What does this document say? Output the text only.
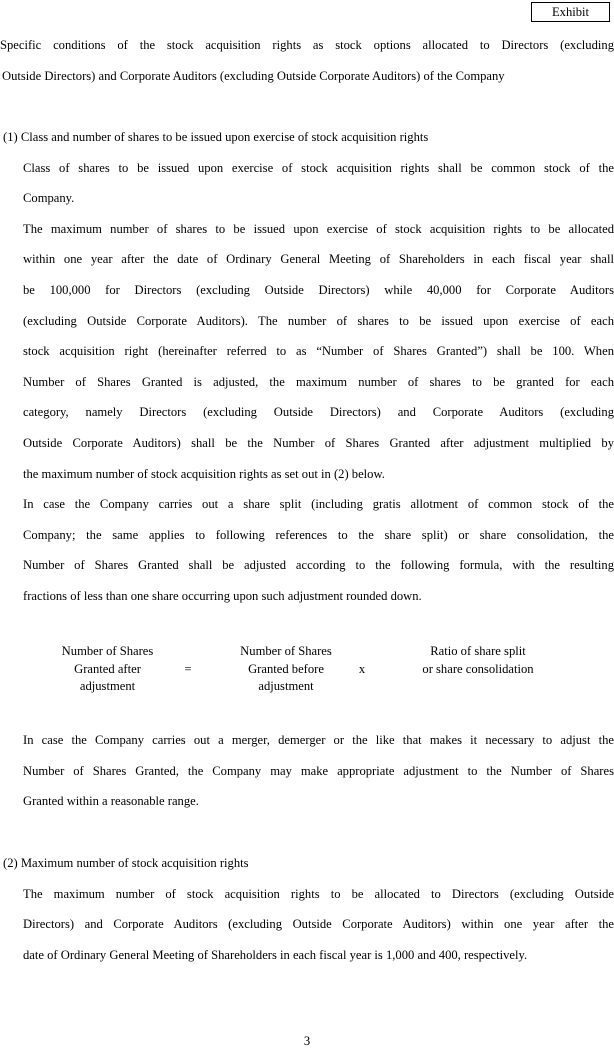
Exhibit
Specific conditions of the stock acquisition rights as stock options allocated to Directors (excluding
Outside Directors) and Corporate Auditors (excluding Outside Corporate Auditors) of the Company
(1) Class and number of shares to be issued upon exercise of stock acquisition rights
Class of shares to be issued upon exercise of stock acquisition rights shall be common stock of the
Company.
The maximum number of shares to be issued upon exercise of stock acquisition rights to be allocated
within one year after the date of Ordinary General Meeting of Shareholders in each fiscal year shall
be 100,000 for Directors (excluding Outside Directors) while 40,000 for Corporate Auditors
(excluding Outside Corporate Auditors). The number of shares to be issued upon exercise of each
stock acquisition right (hereinafter referred to as “Number of Shares Granted”) shall be 100. When
Number of Shares Granted is adjusted, the maximum number of shares to be granted for each
category, namely Directors (excluding Outside Directors) and Corporate Auditors (excluding
Outside Corporate Auditors) shall be the Number of Shares Granted after adjustment multiplied by
the maximum number of stock acquisition rights as set out in (2) below.
In case the Company carries out a share split (including gratis allotment of common stock of the
Company; the same applies to following references to the share split) or share consolidation, the
Number of Shares Granted shall be adjusted according to the following formula, with the resulting
fractions of less than one share occurring upon such adjustment rounded down.
Number of Shares
Granted after
adjustment
=
Number of Shares
Granted before
adjustment
x
Ratio of share split
or share consolidation
In case the Company carries out a merger, demerger or the like that makes it necessary to adjust the
Number of Shares Granted, the Company may make appropriate adjustment to the Number of Shares
Granted within a reasonable range.
(2) Maximum number of stock acquisition rights
The maximum number of stock acquisition rights to be allocated to Directors (excluding Outside
Directors) and Corporate Auditors (excluding Outside Corporate Auditors) within one year after the
date of Ordinary General Meeting of Shareholders in each fiscal year is 1,000 and 400, respectively.
3
